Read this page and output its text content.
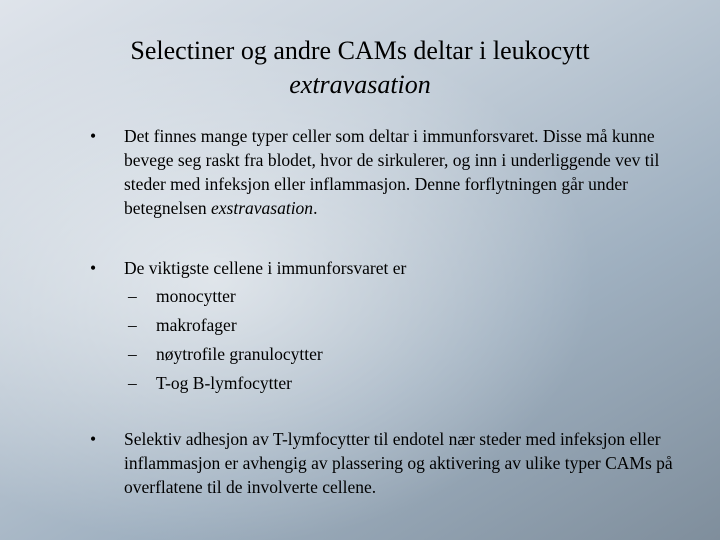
Selectiner og andre CAMs deltar i leukocytt
extravasation
• Det finnes mange typer celler som deltar i immunforsvaret. Disse må kunne bevege seg raskt fra blodet, hvor de sirkulerer, og inn i underliggende vev til steder med infeksjon eller inflammasjon. Denne forflytningen går under betegnelsen exstravasation.
• De viktigste cellene i immunforsvaret er
– monocytter
– makrofager
– nøytrofile granulocytter
– T-og B-lymfocytter
• Selektiv adhesjon av T-lymfocytter til endotel nær steder med infeksjon eller inflammasjon er avhengig av plassering og aktivering av ulike typer CAMs på overflatene til de involverte cellene.
